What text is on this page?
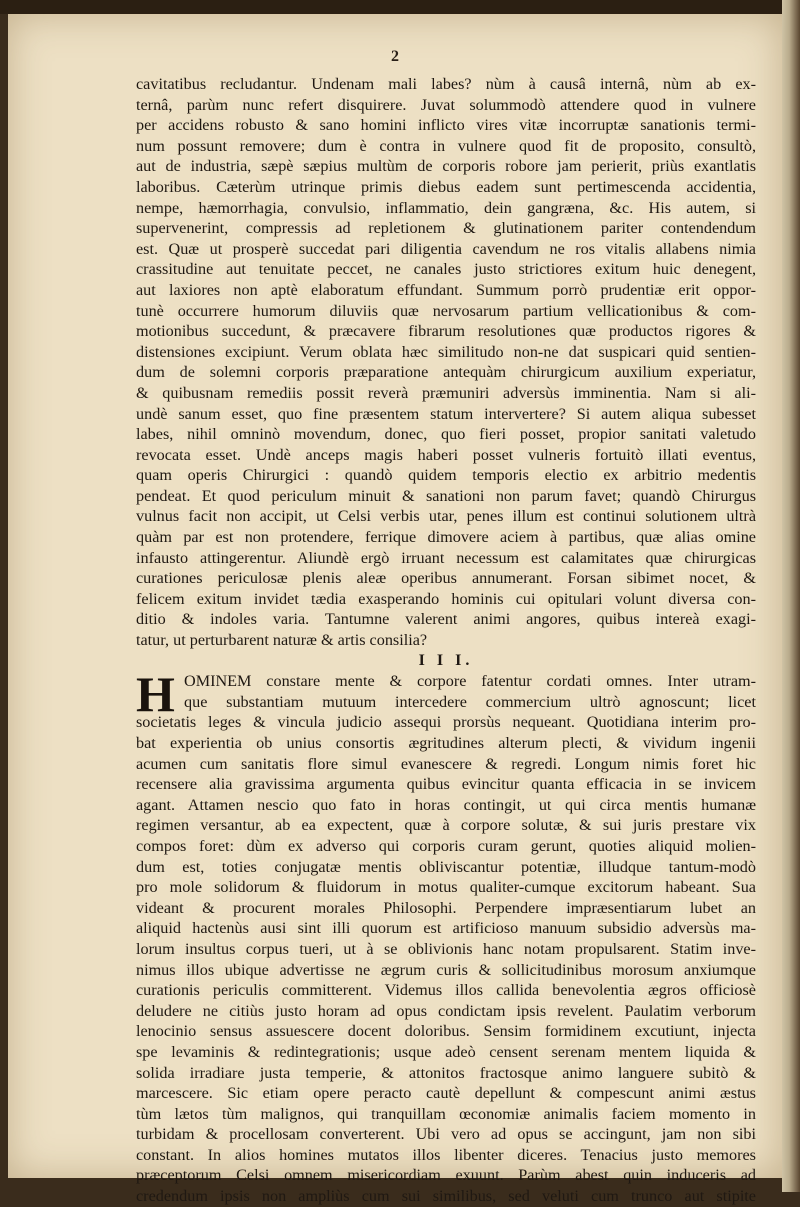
2
cavitatibus recludantur. Undenam mali labes? nùm à causâ internâ, nùm ab ex-
ternâ, parùm nunc refert disquirere. Juvat solummodò attendere quod in vulnere
per accidens robusto & sano homini inflicto vires vitæ incorruptæ sanationis termi-
num possunt removere; dum è contra in vulnere quod fit de proposito, consultò,
aut de industria, sæpè sæpius multùm de corporis robore jam perierit, priùs exantlatis
laboribus. Cæterùm utrinque primis diebus eadem sunt pertimescenda accidentia,
nempe, hæmorrhagia, convulsio, inflammatio, dein gangræna, &c. His autem, si
supervenerint, compressis ad repletionem & glutinationem pariter contendendum
est. Quæ ut prosperè succedat pari diligentia cavendum ne ros vitalis allabens nimia
crassitudine aut tenuitate peccet, ne canales justo strictiores exitum huic denegent,
aut laxiores non aptè elaboratum effundant. Summum porrò prudentiæ erit oppor-
tunè occurrere humorum diluviis quæ nervosarum partium vellicationibus & com-
motionibus succedunt, & præcavere fibrarum resolutiones quæ productos rigores &
distensiones excipiunt. Verum oblata hæc similitudo non-ne dat suspicari quid sentien-
dum de solemni corporis præparatione antequàm chirurgicum auxilium experiatur,
& quibusnam remediis possit reverà præmuniri adversùs imminentia. Nam si ali-
undè sanum esset, quo fine præsentem statum intervertere? Si autem aliqua subesset
labes, nihil omninò movendum, donec, quo fieri posset, propior sanitati valetudo
revocata esset. Undè anceps magis haberi posset vulneris fortuitò illati eventus,
quam operis Chirurgici : quandò quidem temporis electio ex arbitrio medentis
pendeat. Et quod periculum minuit & sanationi non parum favet; quandò Chirurgus
vulnus facit non accipit, ut Celsi verbis utar, penes illum est continui solutionem ultrà
quàm par est non protendere, ferrique dimovere aciem à partibus, quæ alias omine
infausto attingerentur. Aliundè ergò irruant necessum est calamitates quæ chirurgicas
curationes periculosæ plenis aleæ operibus annumerant. Forsan sibimet nocet, &
felicem exitum invidet tædia exasperando hominis cui opitulari volunt diversa con-
ditio & indoles varia. Tantumne valerent animi angores, quibus intereà exagi-
tatur, ut perturbarent naturæ & artis consilia?
I I I.
H OMINEM constare mente & corpore fatentur cordati omnes. Inter utram-
que substantiam mutuum intercedere commercium ultrò agnoscunt; licet
societatis leges & vincula judicio assequi prorsùs nequeant. Quotidiana interim pro-
bat experientia ob unius consortis ægritudines alterum plecti, & vividum ingenii
acumen cum sanitatis flore simul evanescere & regredi. Longum nimis foret hic
recensere alia gravissima argumenta quibus evincitur quanta efficacia in se invicem
agant. Attamen nescio quo fato in horas contingit, ut qui circa mentis humanæ
regimen versantur, ab ea expectent, quæ à corpore solutæ, & sui juris prestare vix
compos foret: dùm ex adverso qui corporis curam gerunt, quoties aliquid molien-
dum est, toties conjugatæ mentis obliviscantur potentiæ, illudque tantum-modò
pro mole solidorum & fluidorum in motus qualiter-cumque excitorum habeant. Sua
videant & procurent morales Philosophi. Perpendere impræsentiarum lubet an
aliquid hactenùs ausi sint illi quorum est artificioso manuum subsidio adversùs ma-
lorum insultus corpus tueri, ut à se oblivionis hanc notam propulsarent. Statim inve-
nimus illos ubique advertisse ne ægrum curis & sollicitudinibus morosum anxiumque
curationis periculis committerent. Videmus illos callida benevolentia ægros officiosè
deludere ne citiùs justo horam ad opus condictam ipsis revelent. Paulatim verborum
lenocinio sensus assuescere docent doloribus. Sensim formidinem excutiunt, injecta
spe levaminis & redintegrationis; usque adeò censent serenam mentem liquida &
solida irradiare justa temperie, & attonitos fractosque animo languere subitò &
marcescere. Sic etiam opere peracto cautè depellunt & compescunt animi æstus
tùm lætos tùm malignos, qui tranquillam œconomiæ animalis faciem momento in
turbidam & procellosam converterent. Ubi vero ad opus se accingunt, jam non sibi
constant. In alios homines mutatos illos libenter diceres. Tenacius justo memores
præceptorum Celsi omnem misericordiam exuunt. Parùm abest quin induceris ad
credendum ipsis non ampliùs cum sui similibus, sed veluti cum trunco aut stipite
